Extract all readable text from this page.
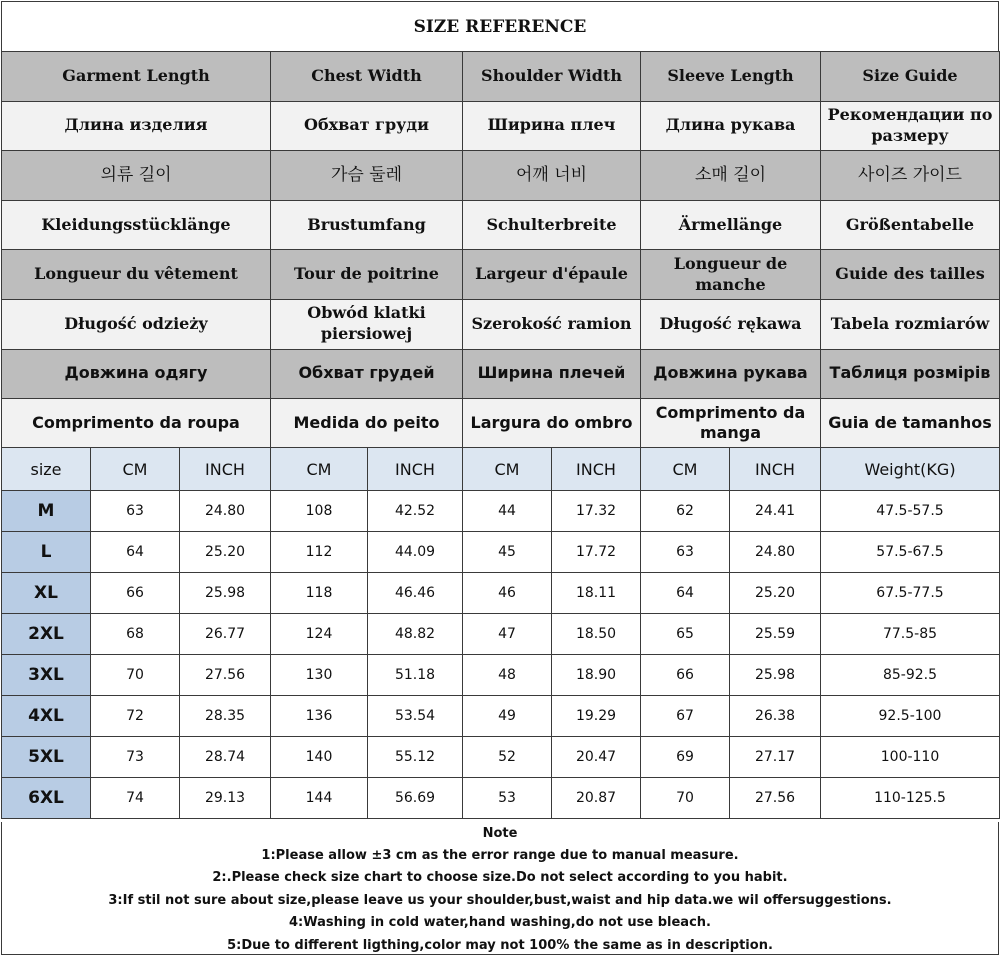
SIZE REFERENCE
Garment Length	Chest Width	Shoulder Width	Sleeve Length	Size Guide
Длина изделия	Обхват груди	Ширина плеч	Длина рукава	Рекомендации по размеру
의류 길이	가슴 둘레	어깨 너비	소매 길이	사이즈 가이드
Kleidungsstücklänge	Brustumfang	Schulterbreite	Ärmellänge	Größentabelle
Longueur du vêtement	Tour de poitrine	Largeur d'épaule	Longueur de manche	Guide des tailles
Długość odzieży	Obwód klatki piersiowej	Szerokość ramion	Długość rękawa	Tabela rozmiarów
Довжина одягу	Обхват грудей	Ширина плечей	Довжина рукава	Таблиця розмірів
Comprimento da roupa	Medida do peito	Largura do ombro	Comprimento da manga	Guia de tamanhos
size	CM	INCH	CM	INCH	CM	INCH	CM	INCH	Weight(KG)
M	63	24.80	108	42.52	44	17.32	62	24.41	47.5-57.5
L	64	25.20	112	44.09	45	17.72	63	24.80	57.5-67.5
XL	66	25.98	118	46.46	46	18.11	64	25.20	67.5-77.5
2XL	68	26.77	124	48.82	47	18.50	65	25.59	77.5-85
3XL	70	27.56	130	51.18	48	18.90	66	25.98	85-92.5
4XL	72	28.35	136	53.54	49	19.29	67	26.38	92.5-100
5XL	73	28.74	140	55.12	52	20.47	69	27.17	100-110
6XL	74	29.13	144	56.69	53	20.87	70	27.56	110-125.5
Note
1:Please allow ±3 cm as the error range due to manual measure.
2:.Please check size chart to choose size.Do not select according to you habit.
3:If stil not sure about size,please leave us your shoulder,bust,waist and hip data.we wil offersuggestions.
4:Washing in cold water,hand washing,do not use bleach.
5:Due to different ligthing,color may not 100% the same as in description.
